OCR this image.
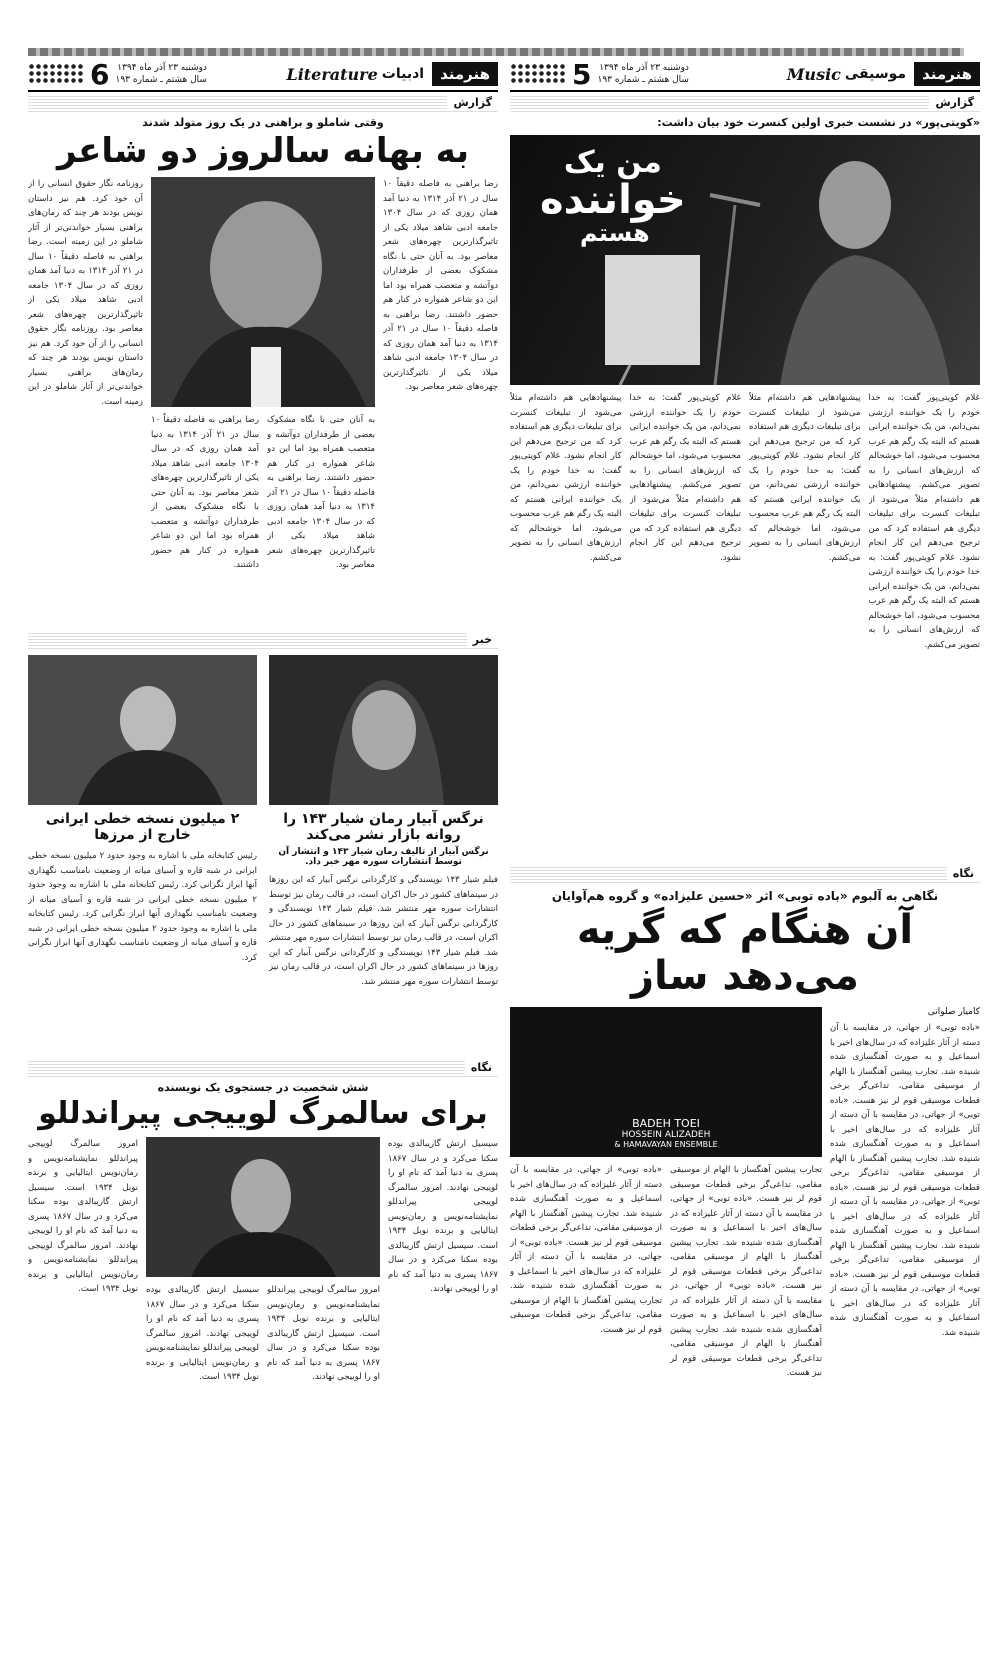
5 دوشنبه ۲۳ آذر ماه ۱۳۹۴
سال هشتم ـ شماره ۱۹۳	Music موسیقی	هنرمند
گزارش
«کویتی‌پور» در نشست خبری اولین کنسرت خود بیان داشت:
من یک
خواننده
هستم
غلام کویتی‌پور گفت: به خدا خودم را یک خواننده ارزشی نمی‌دانم، من یک خواننده ایرانی هستم که البته یک رگم هم عرب محسوب می‌شود، اما خوشحالم که ارزش‌های انسانی را به تصویر می‌کشم. پیشنهادهایی هم داشته‌ام مثلاً می‌شود از تبلیغات کنسرت برای تبلیغات دیگری هم استفاده کرد که من ترجیح می‌دهم این کار انجام نشود. غلام کویتی‌پور گفت: به خدا خودم را یک خواننده ارزشی نمی‌دانم، من یک خواننده ایرانی هستم که البته یک رگم هم عرب محسوب می‌شود، اما خوشحالم که ارزش‌های انسانی را به تصویر می‌کشم.
پیشنهادهایی هم داشته‌ام مثلاً می‌شود از تبلیغات کنسرت برای تبلیغات دیگری هم استفاده کرد که من ترجیح می‌دهم این کار انجام نشود. غلام کویتی‌پور گفت: به خدا خودم را یک خواننده ارزشی نمی‌دانم، من یک خواننده ایرانی هستم که البته یک رگم هم عرب محسوب می‌شود، اما خوشحالم که ارزش‌های انسانی را به تصویر می‌کشم.
غلام کویتی‌پور گفت: به خدا خودم را یک خواننده ارزشی نمی‌دانم، من یک خواننده ایرانی هستم که البته یک رگم هم عرب محسوب می‌شود، اما خوشحالم که ارزش‌های انسانی را به تصویر می‌کشم. پیشنهادهایی هم داشته‌ام مثلاً می‌شود از تبلیغات کنسرت برای تبلیغات دیگری هم استفاده کرد که من ترجیح می‌دهم این کار انجام نشود.
پیشنهادهایی هم داشته‌ام مثلاً می‌شود از تبلیغات کنسرت برای تبلیغات دیگری هم استفاده کرد که من ترجیح می‌دهم این کار انجام نشود. غلام کویتی‌پور گفت: به خدا خودم را یک خواننده ارزشی نمی‌دانم، من یک خواننده ایرانی هستم که البته یک رگم هم عرب محسوب می‌شود، اما خوشحالم که ارزش‌های انسانی را به تصویر می‌کشم.
نگاه
نگاهی به آلبوم «باده توبی» اثر «حسین علیزاده» و گروه هم‌آوایان
آن هنگام که گریه می‌دهد ساز
کامیار صلواتی
«باده توبی» از جهاتی، در مقایسه با آن دسته از آثار علیزاده که در سال‌های اخیر با اسماعیل و به صورت آهنگسازی شده شنیده شد. تجارب پیشین آهنگساز با الهام از موسیقی مقامی، تداعی‌گر برخی قطعات موسیقی قوم لر نیز هست. «باده توبی» از جهاتی، در مقایسه با آن دسته از آثار علیزاده که در سال‌های اخیر با اسماعیل و به صورت آهنگسازی شده شنیده شد. تجارب پیشین آهنگساز با الهام از موسیقی مقامی، تداعی‌گر برخی قطعات موسیقی قوم لر نیز هست. «باده توبی» از جهاتی، در مقایسه با آن دسته از آثار علیزاده که در سال‌های اخیر با اسماعیل و به صورت آهنگسازی شده شنیده شد. تجارب پیشین آهنگساز با الهام از موسیقی مقامی، تداعی‌گر برخی قطعات موسیقی قوم لر نیز هست. «باده توبی» از جهاتی، در مقایسه با آن دسته از آثار علیزاده که در سال‌های اخیر با اسماعیل و به صورت آهنگسازی شده شنیده شد.
BADEH TOEI
HOSSEIN ALIZADEH
& HAMAVAYAN ENSEMBLE
تجارب پیشین آهنگساز با الهام از موسیقی مقامی، تداعی‌گر برخی قطعات موسیقی قوم لر نیز هست. «باده توبی» از جهاتی، در مقایسه با آن دسته از آثار علیزاده که در سال‌های اخیر با اسماعیل و به صورت آهنگسازی شده شنیده شد. تجارب پیشین آهنگساز با الهام از موسیقی مقامی، تداعی‌گر برخی قطعات موسیقی قوم لر نیز هست. «باده توبی» از جهاتی، در مقایسه با آن دسته از آثار علیزاده که در سال‌های اخیر با اسماعیل و به صورت آهنگسازی شده شنیده شد. تجارب پیشین آهنگساز با الهام از موسیقی مقامی، تداعی‌گر برخی قطعات موسیقی قوم لر نیز هست.
«باده توبی» از جهاتی، در مقایسه با آن دسته از آثار علیزاده که در سال‌های اخیر با اسماعیل و به صورت آهنگسازی شده شنیده شد. تجارب پیشین آهنگساز با الهام از موسیقی مقامی، تداعی‌گر برخی قطعات موسیقی قوم لر نیز هست. «باده توبی» از جهاتی، در مقایسه با آن دسته از آثار علیزاده که در سال‌های اخیر با اسماعیل و به صورت آهنگسازی شده شنیده شد. تجارب پیشین آهنگساز با الهام از موسیقی مقامی، تداعی‌گر برخی قطعات موسیقی قوم لر نیز هست.
6 دوشنبه ۲۳ آذر ماه ۱۳۹۴
سال هشتم ـ شماره ۱۹۳	Literature ادبیات	هنرمند
گزارش
وقتی شاملو و براهنی در یک روز متولد شدند
به بهانه سالروز دو شاعر
رضا براهنی به فاصله دقیقاً ۱۰ سال در ۲۱ آذر ۱۳۱۴ به دنیا آمد همان روزی که در سال ۱۳۰۴ جامعه ادبی شاهد میلاد یکی از تاثیرگذارترین چهره‌های شعر معاصر بود. به آنان حتی با نگاه مشکوک بعضی از طرفداران دوآتشه و متعصب همراه بود اما این دو شاعر همواره در کنار هم حضور داشتند. رضا براهنی به فاصله دقیقاً ۱۰ سال در ۲۱ آذر ۱۳۱۴ به دنیا آمد همان روزی که در سال ۱۳۰۴ جامعه ادبی شاهد میلاد یکی از تاثیرگذارترین چهره‌های شعر معاصر بود.
به آنان حتی با نگاه مشکوک بعضی از طرفداران دوآتشه و متعصب همراه بود اما این دو شاعر همواره در کنار هم حضور داشتند. رضا براهنی به فاصله دقیقاً ۱۰ سال در ۲۱ آذر ۱۳۱۴ به دنیا آمد همان روزی که در سال ۱۳۰۴ جامعه ادبی شاهد میلاد یکی از تاثیرگذارترین چهره‌های شعر معاصر بود.
رضا براهنی به فاصله دقیقاً ۱۰ سال در ۲۱ آذر ۱۳۱۴ به دنیا آمد همان روزی که در سال ۱۳۰۴ جامعه ادبی شاهد میلاد یکی از تاثیرگذارترین چهره‌های شعر معاصر بود. به آنان حتی با نگاه مشکوک بعضی از طرفداران دوآتشه و متعصب همراه بود اما این دو شاعر همواره در کنار هم حضور داشتند.
روزنامه نگار حقوق انسانی را از آن خود کرد. هم نیز داستان نویس بودند هر چند که رمان‌های براهنی بسیار خواندنی‌تر از آثار شاملو در این زمینه است. رضا براهنی به فاصله دقیقاً ۱۰ سال در ۲۱ آذر ۱۳۱۴ به دنیا آمد همان روزی که در سال ۱۳۰۴ جامعه ادبی شاهد میلاد یکی از تاثیرگذارترین چهره‌های شعر معاصر بود. روزنامه نگار حقوق انسانی را از آن خود کرد. هم نیز داستان نویس بودند هر چند که رمان‌های براهنی بسیار خواندنی‌تر از آثار شاملو در این زمینه است.
خبر
نرگس آبیار رمان شیار ۱۴۳ را روانه بازار نشر می‌کند
نرگس آبیار از تالیف رمان شیار ۱۴۳ و انتشار آن توسط انتشارات سوره مهر خبر داد.
فیلم شیار ۱۴۳ نویسندگی و کارگردانی نرگس آبیار که این روزها در سینماهای کشور در حال اکران است، در قالب رمان نیز توسط انتشارات سوره مهر منتشر شد. فیلم شیار ۱۴۳ نویسندگی و کارگردانی نرگس آبیار که این روزها در سینماهای کشور در حال اکران است، در قالب رمان نیز توسط انتشارات سوره مهر منتشر شد. فیلم شیار ۱۴۳ نویسندگی و کارگردانی نرگس آبیار که این روزها در سینماهای کشور در حال اکران است، در قالب رمان نیز توسط انتشارات سوره مهر منتشر شد.
۲ میلیون نسخه خطی ایرانی خارج از مرزها
رئیس کتابخانه ملی با اشاره به وجود حدود ۲ میلیون نسخه خطی ایرانی در شبه قاره و آسیای میانه از وضعیت نامناسب نگهداری آنها ابراز نگرانی کرد. رئیس کتابخانه ملی با اشاره به وجود حدود ۲ میلیون نسخه خطی ایرانی در شبه قاره و آسیای میانه از وضعیت نامناسب نگهداری آنها ابراز نگرانی کرد. رئیس کتابخانه ملی با اشاره به وجود حدود ۲ میلیون نسخه خطی ایرانی در شبه قاره و آسیای میانه از وضعیت نامناسب نگهداری آنها ابراز نگرانی کرد.
نگاه
شش شخصیت در جستجوی یک نویسنده
برای سالمرگ لوییجی پیراندللو
سیسیل ارتش گاریبالدی بوده سکنا می‌کرد و در سال ۱۸۶۷ پسری به دنیا آمد که نام او را لوییجی نهادند. امروز سالمرگ لوییجی پیراندللو نمایشنامه‌نویس و رمان‌نویس ایتالیایی و برنده نوبل ۱۹۳۴ است. سیسیل ارتش گاریبالدی بوده سکنا می‌کرد و در سال ۱۸۶۷ پسری به دنیا آمد که نام او را لوییجی نهادند.
امروز سالمرگ لوییجی پیراندللو نمایشنامه‌نویس و رمان‌نویس ایتالیایی و برنده نوبل ۱۹۳۴ است. سیسیل ارتش گاریبالدی بوده سکنا می‌کرد و در سال ۱۸۶۷ پسری به دنیا آمد که نام او را لوییجی نهادند.
سیسیل ارتش گاریبالدی بوده سکنا می‌کرد و در سال ۱۸۶۷ پسری به دنیا آمد که نام او را لوییجی نهادند. امروز سالمرگ لوییجی پیراندللو نمایشنامه‌نویس و رمان‌نویس ایتالیایی و برنده نوبل ۱۹۳۴ است.
امروز سالمرگ لوییجی پیراندللو نمایشنامه‌نویس و رمان‌نویس ایتالیایی و برنده نوبل ۱۹۳۴ است. سیسیل ارتش گاریبالدی بوده سکنا می‌کرد و در سال ۱۸۶۷ پسری به دنیا آمد که نام او را لوییجی نهادند. امروز سالمرگ لوییجی پیراندللو نمایشنامه‌نویس و رمان‌نویس ایتالیایی و برنده نوبل ۱۹۳۴ است.
